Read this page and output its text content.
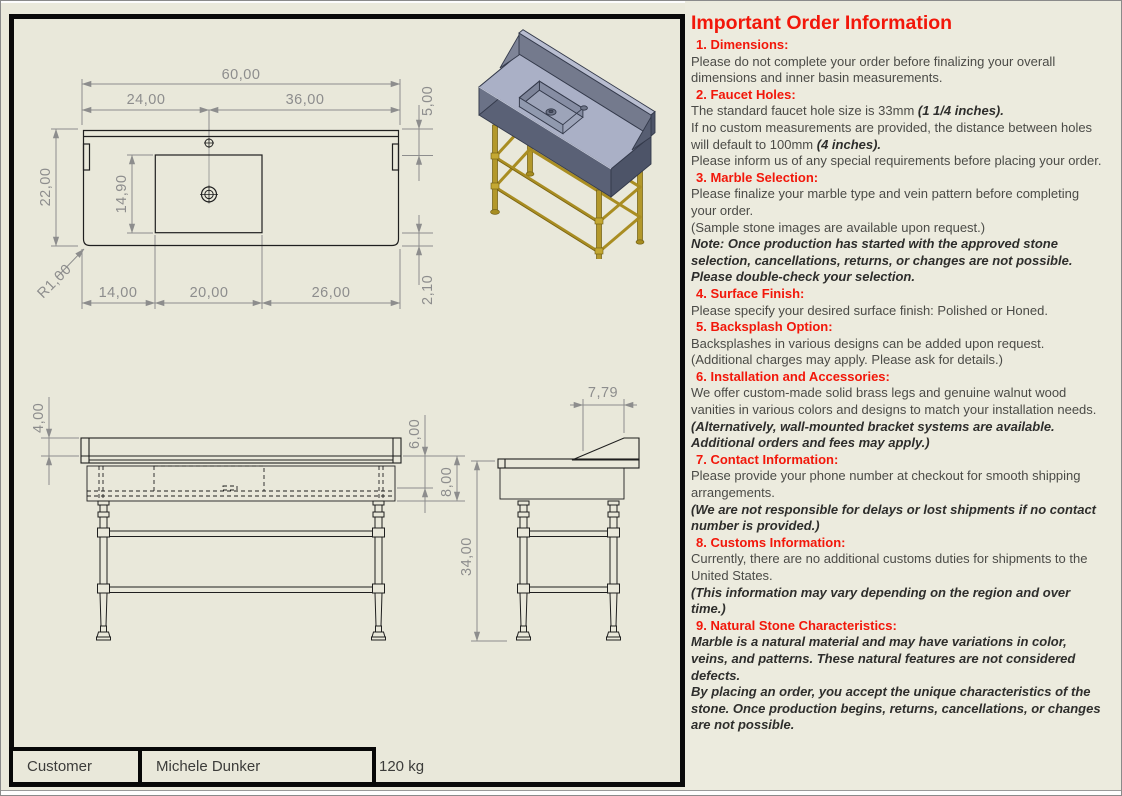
60,00
24,00	36,00
22,00	14,90
5,00
2,10
R1,00 14,00	20,00	26,00
4,00
6,00
8,00
7,79
34,00
Customer	Michele Dunker	120 kg
Important Order Information
1. Dimensions:
Please do not complete your order before finalizing your overall dimensions and inner basin measurements.
2. Faucet Holes:
The standard faucet hole size is 33mm (1 1/4 inches).
If no custom measurements are provided, the distance between holes will default to 100mm (4 inches).
Please inform us of any special requirements before placing your order.
3. Marble Selection:
Please finalize your marble type and vein pattern before completing your order.
(Sample stone images are available upon request.)
Note: Once production has started with the approved stone selection, cancellations, returns, or changes are not possible. Please double-check your selection.
4. Surface Finish:
Please specify your desired surface finish: Polished or Honed.
5. Backsplash Option:
Backsplashes in various designs can be added upon request.
(Additional charges may apply. Please ask for details.)
6. Installation and Accessories:
We offer custom-made solid brass legs and genuine walnut wood vanities in various colors and designs to match your installation needs.
(Alternatively, wall-mounted bracket systems are available. Additional orders and fees may apply.)
7. Contact Information:
Please provide your phone number at checkout for smooth shipping arrangements.
(We are not responsible for delays or lost shipments if no contact number is provided.)
8. Customs Information:
Currently, there are no additional customs duties for shipments to the United States.
(This information may vary depending on the region and over time.)
9. Natural Stone Characteristics:
Marble is a natural material and may have variations in color, veins, and patterns. These natural features are not considered defects.
By placing an order, you accept the unique characteristics of the stone. Once production begins, returns, cancellations, or changes are not possible.
